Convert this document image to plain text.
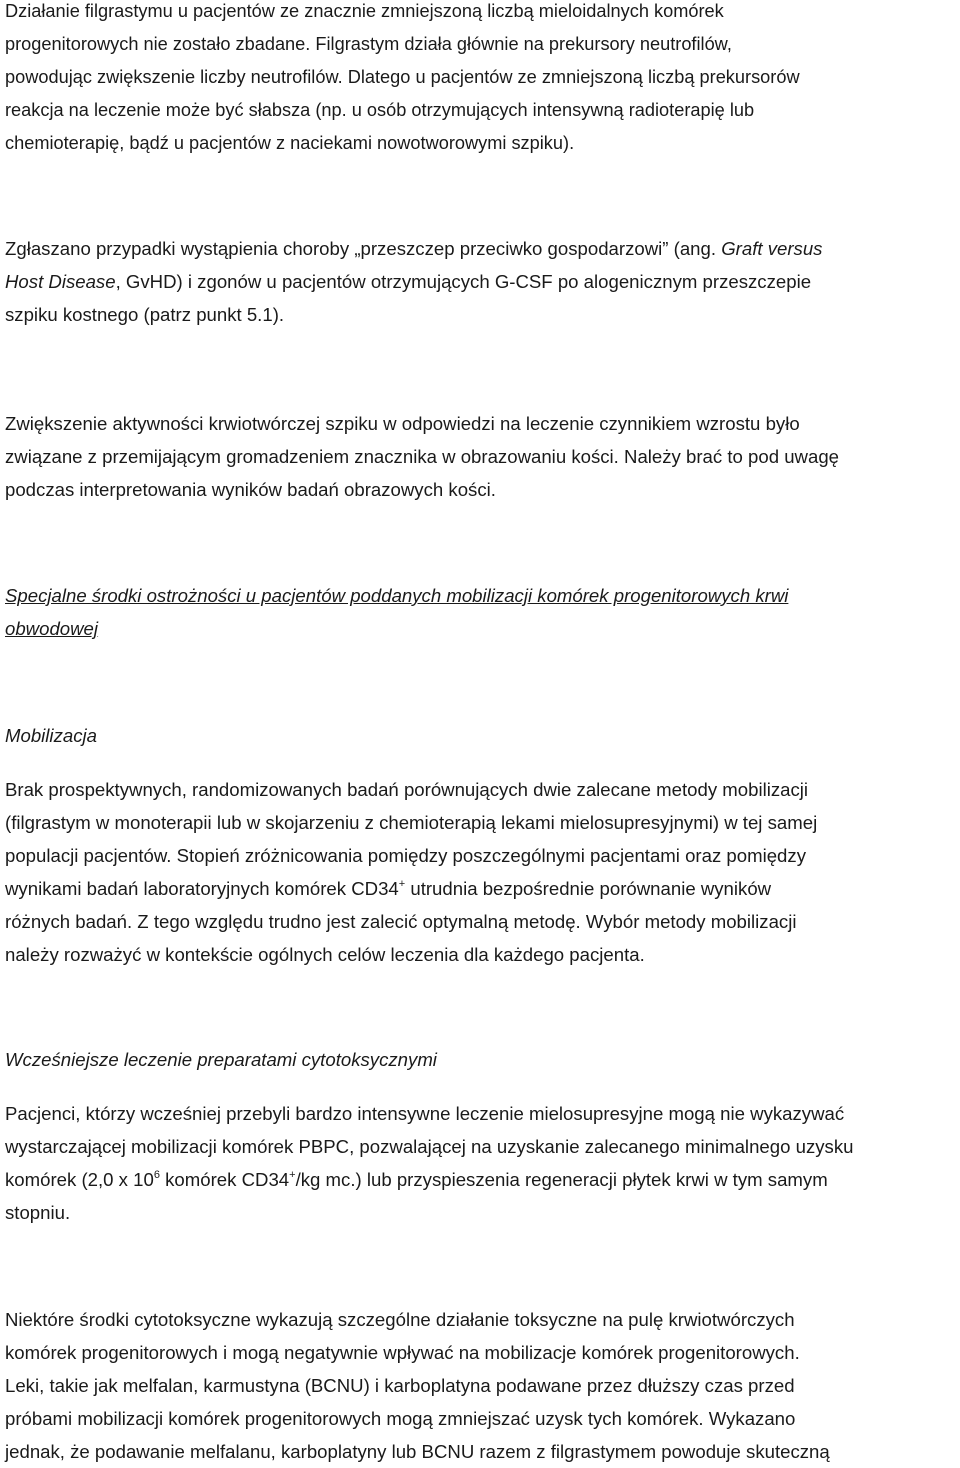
Działanie filgrastymu u pacjentów ze znacznie zmniejszoną liczbą mieloidalnych komórek
progenitorowych nie zostało zbadane. Filgrastym działa głównie na prekursory neutrofilów,
powodując zwiększenie liczby neutrofilów. Dlatego u pacjentów ze zmniejszoną liczbą prekursorów
reakcja na leczenie może być słabsza (np. u osób otrzymujących intensywną radioterapię lub
chemioterapię, bądź u pacjentów z naciekami nowotworowymi szpiku).
Zgłaszano przypadki wystąpienia choroby „przeszczep przeciwko gospodarzowi” (ang. Graft versus
Host Disease, GvHD) i zgonów u pacjentów otrzymujących G-CSF po alogenicznym przeszczepie
szpiku kostnego (patrz punkt 5.1).
Zwiększenie aktywności krwiotwórczej szpiku w odpowiedzi na leczenie czynnikiem wzrostu było
związane z przemijającym gromadzeniem znacznika w obrazowaniu kości. Należy brać to pod uwagę
podczas interpretowania wyników badań obrazowych kości.
Specjalne środki ostrożności u pacjentów poddanych mobilizacji komórek progenitorowych krwi
obwodowej
Mobilizacja
Brak prospektywnych, randomizowanych badań porównujących dwie zalecane metody mobilizacji
(filgrastym w monoterapii lub w skojarzeniu z chemioterapią lekami mielosupresyjnymi) w tej samej
populacji pacjentów. Stopień zróżnicowania pomiędzy poszczególnymi pacjentami oraz pomiędzy
wynikami badań laboratoryjnych komórek CD34+ utrudnia bezpośrednie porównanie wyników
różnych badań. Z tego względu trudno jest zalecić optymalną metodę. Wybór metody mobilizacji
należy rozważyć w kontekście ogólnych celów leczenia dla każdego pacjenta.
Wcześniejsze leczenie preparatami cytotoksycznymi
Pacjenci, którzy wcześniej przebyli bardzo intensywne leczenie mielosupresyjne mogą nie wykazywać
wystarczającej mobilizacji komórek PBPC, pozwalającej na uzyskanie zalecanego minimalnego uzysku
komórek (2,0 x $10^6$ komórek CD34+/kg mc.) lub przyspieszenia regeneracji płytek krwi w tym samym
stopniu.
Niektóre środki cytotoksyczne wykazują szczególne działanie toksyczne na pulę krwiotwórczych
komórek progenitorowych i mogą negatywnie wpływać na mobilizacje komórek progenitorowych.
Leki, takie jak melfalan, karmustyna (BCNU) i karboplatyna podawane przez dłuższy czas przed
próbami mobilizacji komórek progenitorowych mogą zmniejszać uzysk tych komórek. Wykazano
jednak, że podawanie melfalanu, karboplatyny lub BCNU razem z filgrastymem powoduje skuteczną
